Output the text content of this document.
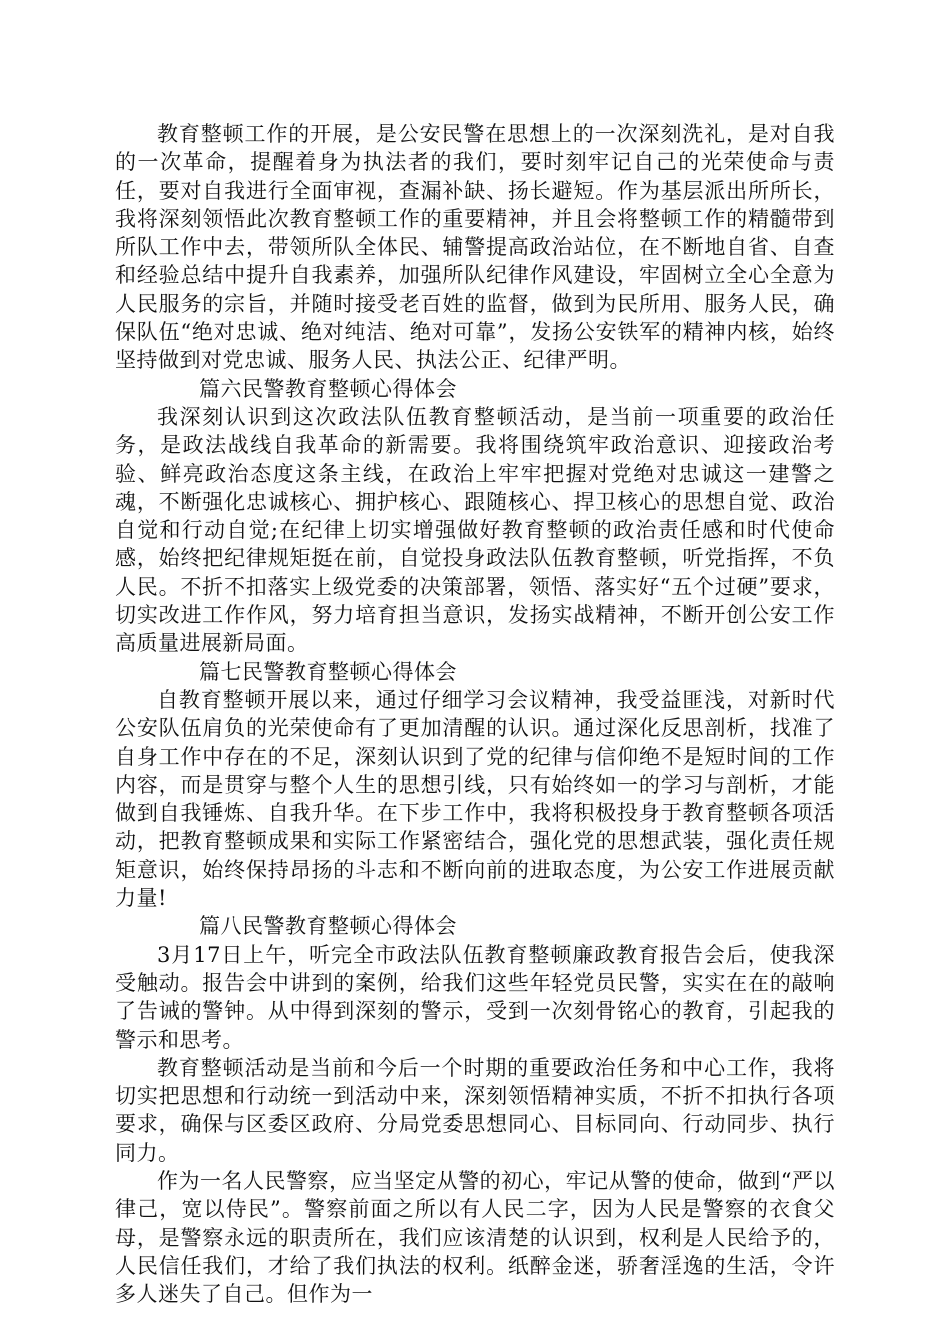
教育整顿工作的开展，是公安民警在思想上的一次深刻洗礼，是对自我的一次革命，提醒着身为执法者的我们，要时刻牢记自己的光荣使命与责任，要对自我进行全面审视，查漏补缺、扬长避短。作为基层派出所所长，我将深刻领悟此次教育整顿工作的重要精神，并且会将整顿工作的精髓带到所队工作中去，带领所队全体民、辅警提高政治站位，在不断地自省、自查和经验总结中提升自我素养，加强所队纪律作风建设，牢固树立全心全意为人民服务的宗旨，并随时接受老百姓的监督，做到为民所用、服务人民，确保队伍“绝对忠诚、绝对纯洁、绝对可靠”，发扬公安铁军的精神内核，始终坚持做到对党忠诚、服务人民、执法公正、纪律严明。

篇六民警教育整顿心得体会

我深刻认识到这次政法队伍教育整顿活动，是当前一项重要的政治任务，是政法战线自我革命的新需要。我将围绕筑牢政治意识、迎接政治考验、鲜亮政治态度这条主线，在政治上牢牢把握对党绝对忠诚这一建警之魂，不断强化忠诚核心、拥护核心、跟随核心、捍卫核心的思想自觉、政治自觉和行动自觉;在纪律上切实增强做好教育整顿的政治责任感和时代使命感，始终把纪律规矩挺在前，自觉投身政法队伍教育整顿，听党指挥，不负人民。不折不扣落实上级党委的决策部署，领悟、落实好“五个过硬”要求，切实改进工作作风，努力培育担当意识，发扬实战精神，不断开创公安工作高质量进展新局面。

篇七民警教育整顿心得体会

自教育整顿开展以来，通过仔细学习会议精神，我受益匪浅，对新时代公安队伍肩负的光荣使命有了更加清醒的认识。通过深化反思剖析，找准了自身工作中存在的不足，深刻认识到了党的纪律与信仰绝不是短时间的工作内容，而是贯穿与整个人生的思想引线，只有始终如一的学习与剖析，才能做到自我锤炼、自我升华。在下步工作中，我将积极投身于教育整顿各项活动，把教育整顿成果和实际工作紧密结合，强化党的思想武装，强化责任规矩意识，始终保持昂扬的斗志和不断向前的进取态度，为公安工作进展贡献力量!

篇八民警教育整顿心得体会

3月17日上午，听完全市政法队伍教育整顿廉政教育报告会后，使我深受触动。报告会中讲到的案例，给我们这些年轻党员民警，实实在在的敲响了告诫的警钟。从中得到深刻的警示，受到一次刻骨铭心的教育，引起我的警示和思考。

教育整顿活动是当前和今后一个时期的重要政治任务和中心工作，我将切实把思想和行动统一到活动中来，深刻领悟精神实质，不折不扣执行各项要求，确保与区委区政府、分局党委思想同心、目标同向、行动同步、执行同力。

作为一名人民警察，应当坚定从警的初心，牢记从警的使命，做到“严以律己，宽以侍民”。警察前面之所以有人民二字，因为人民是警察的衣食父母，是警察永远的职责所在，我们应该清楚的认识到，权利是人民给予的，人民信任我们，才给了我们执法的权利。纸醉金迷，骄奢淫逸的生活，令许多人迷失了自己。但作为一
